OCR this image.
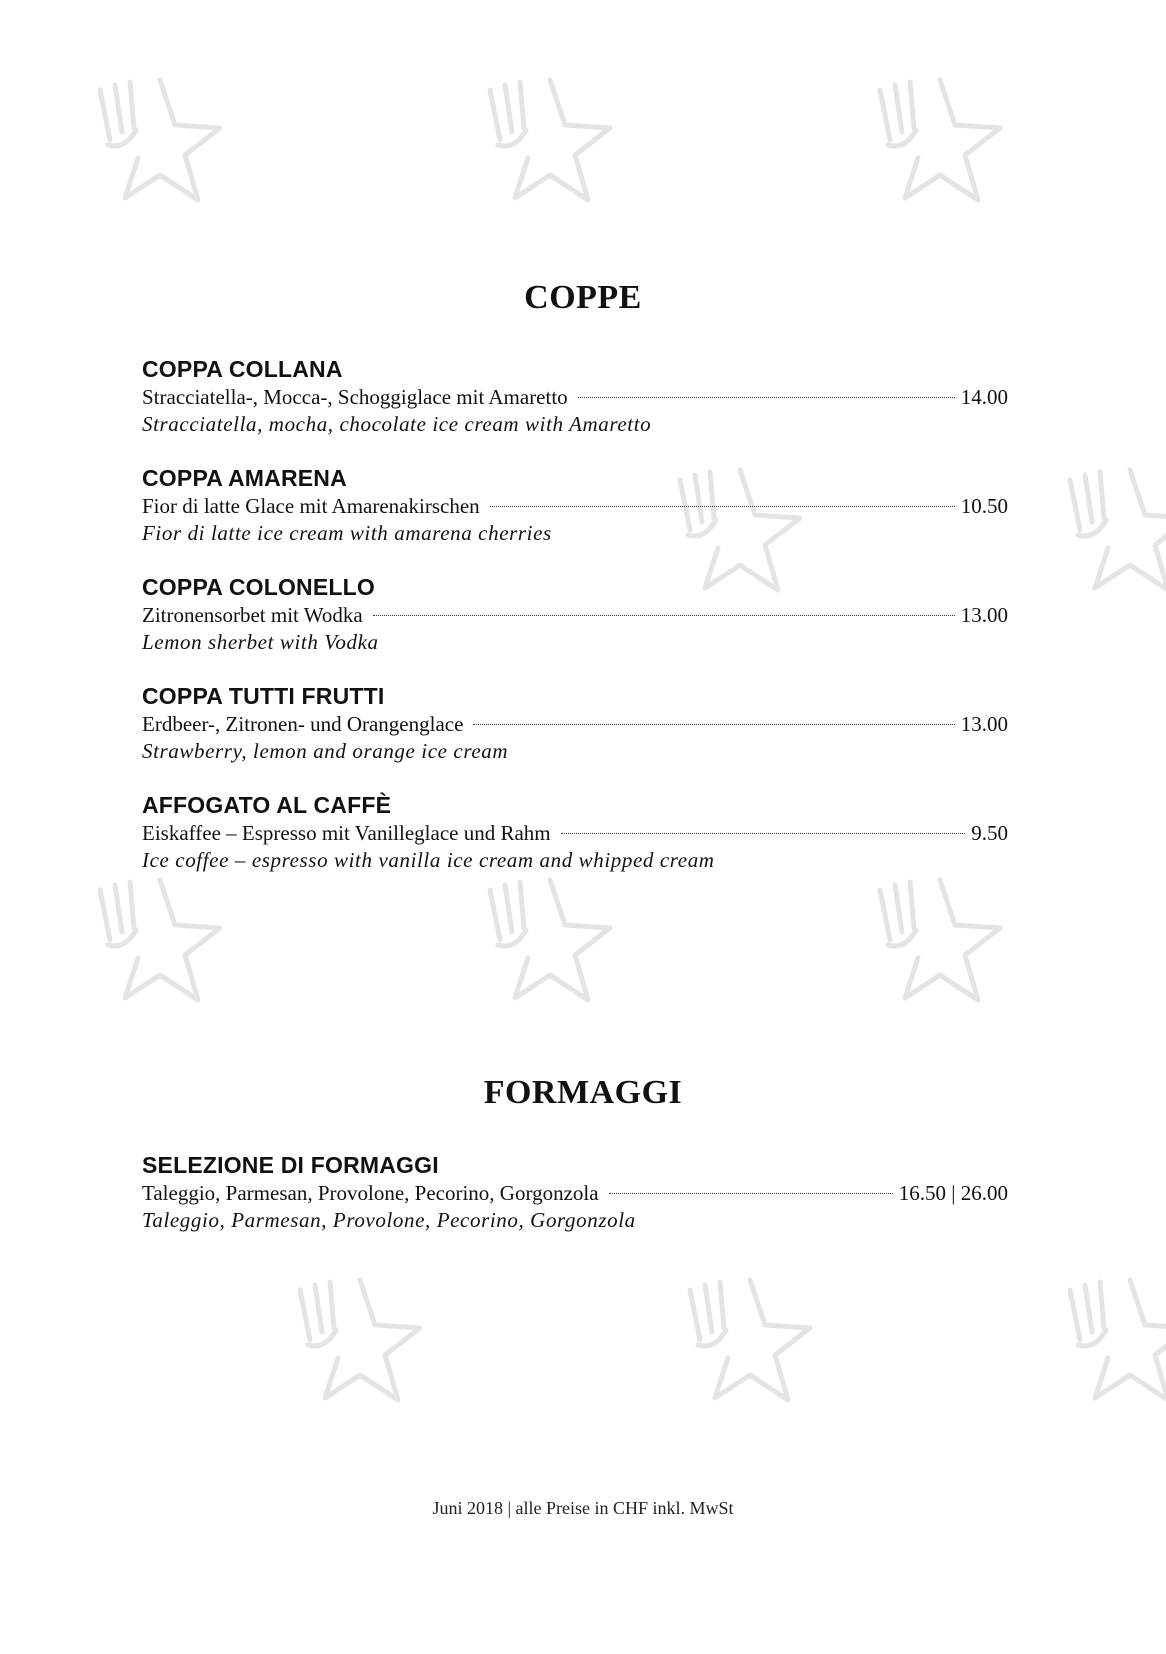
COPPE
COPPA COLLANA
Stracciatella-, Mocca-, Schoggiglace mit Amaretto	14.00
Stracciatella, mocha, chocolate ice cream with Amaretto
COPPA AMARENA
Fior di latte Glace mit Amarenakirschen	10.50
Fior di latte ice cream with amarena cherries
COPPA COLONELLO
Zitronensorbet mit Wodka	13.00
Lemon sherbet with Vodka
COPPA TUTTI FRUTTI
Erdbeer-, Zitronen- und Orangenglace	13.00
Strawberry, lemon and orange ice cream
AFFOGATO AL CAFFÈ
Eiskaffee – Espresso mit Vanilleglace und Rahm	9.50
Ice coffee – espresso with vanilla ice cream and whipped cream
FORMAGGI
SELEZIONE DI FORMAGGI
Taleggio, Parmesan, Provolone, Pecorino, Gorgonzola	16.50 | 26.00
Taleggio, Parmesan, Provolone, Pecorino, Gorgonzola
Juni 2018 | alle Preise in CHF inkl. MwSt
